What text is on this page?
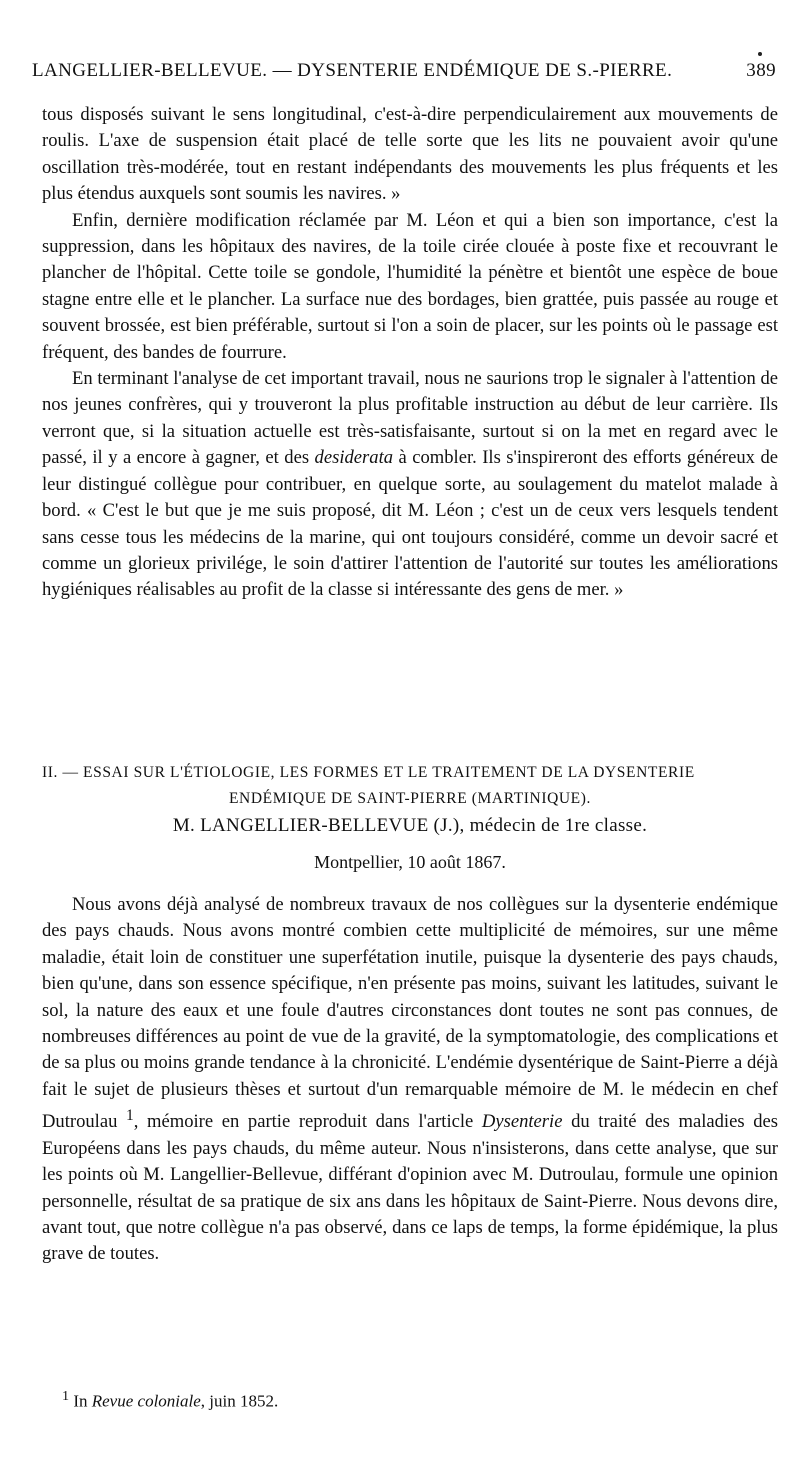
LANGELLIER-BELLEVUE. — DYSENTERIE ENDÉMIQUE DE S.-PIERRE.	389

tous disposés suivant le sens longitudinal, c'est-à-dire perpendiculairement aux mouvements de roulis. L'axe de suspension était placé de telle sorte que les lits ne pouvaient avoir qu'une oscillation très-modérée, tout en restant indépendants des mouvements les plus fréquents et les plus étendus auxquels sont soumis les navires. »

Enfin, dernière modification réclamée par M. Léon et qui a bien son importance, c'est la suppression, dans les hôpitaux des navires, de la toile cirée clouée à poste fixe et recouvrant le plancher de l'hôpital. Cette toile se gondole, l'humidité la pénètre et bientôt une espèce de boue stagne entre elle et le plancher. La surface nue des bordages, bien grattée, puis passée au rouge et souvent brossée, est bien préférable, surtout si l'on a soin de placer, sur les points où le passage est fréquent, des bandes de fourrure.

En terminant l'analyse de cet important travail, nous ne saurions trop le signaler à l'attention de nos jeunes confrères, qui y trouveront la plus profitable instruction au début de leur carrière. Ils verront que, si la situation actuelle est très-satisfaisante, surtout si on la met en regard avec le passé, il y a encore à gagner, et des desiderata à combler. Ils s'inspireront des efforts généreux de leur distingué collègue pour contribuer, en quelque sorte, au soulagement du matelot malade à bord. « C'est le but que je me suis proposé, dit M. Léon ; c'est un de ceux vers lesquels tendent sans cesse tous les médecins de la marine, qui ont toujours considéré, comme un devoir sacré et comme un glorieux privilége, le soin d'attirer l'attention de l'autorité sur toutes les améliorations hygiéniques réalisables au profit de la classe si intéressante des gens de mer. »

II. — ESSAI SUR L'ÉTIOLOGIE, LES FORMES ET LE TRAITEMENT DE LA DYSENTERIE
ENDÉMIQUE DE SAINT-PIERRE (MARTINIQUE).
M. LANGELLIER-BELLEVUE (J.), médecin de 1re classe.
Montpellier, 10 août 1867.

Nous avons déjà analysé de nombreux travaux de nos collègues sur la dysenterie endémique des pays chauds. Nous avons montré combien cette multiplicité de mémoires, sur une même maladie, était loin de constituer une superfétation inutile, puisque la dysenterie des pays chauds, bien qu'une, dans son essence spécifique, n'en présente pas moins, suivant les latitudes, suivant le sol, la nature des eaux et une foule d'autres circonstances dont toutes ne sont pas connues, de nombreuses différences au point de vue de la gravité, de la symptomatologie, des complications et de sa plus ou moins grande tendance à la chronicité. L'endémie dysentérique de Saint-Pierre a déjà fait le sujet de plusieurs thèses et surtout d'un remarquable mémoire de M. le médecin en chef Dutroulau $^1$, mémoire en partie reproduit dans l'article Dysenterie du traité des maladies des Européens dans les pays chauds, du même auteur. Nous n'insisterons, dans cette analyse, que sur les points où M. Langellier-Bellevue, différant d'opinion avec M. Dutroulau, formule une opinion personnelle, résultat de sa pratique de six ans dans les hôpitaux de Saint-Pierre. Nous devons dire, avant tout, que notre collègue n'a pas observé, dans ce laps de temps, la forme épidémique, la plus grave de toutes.

$^1$ In Revue coloniale, juin 1852.
